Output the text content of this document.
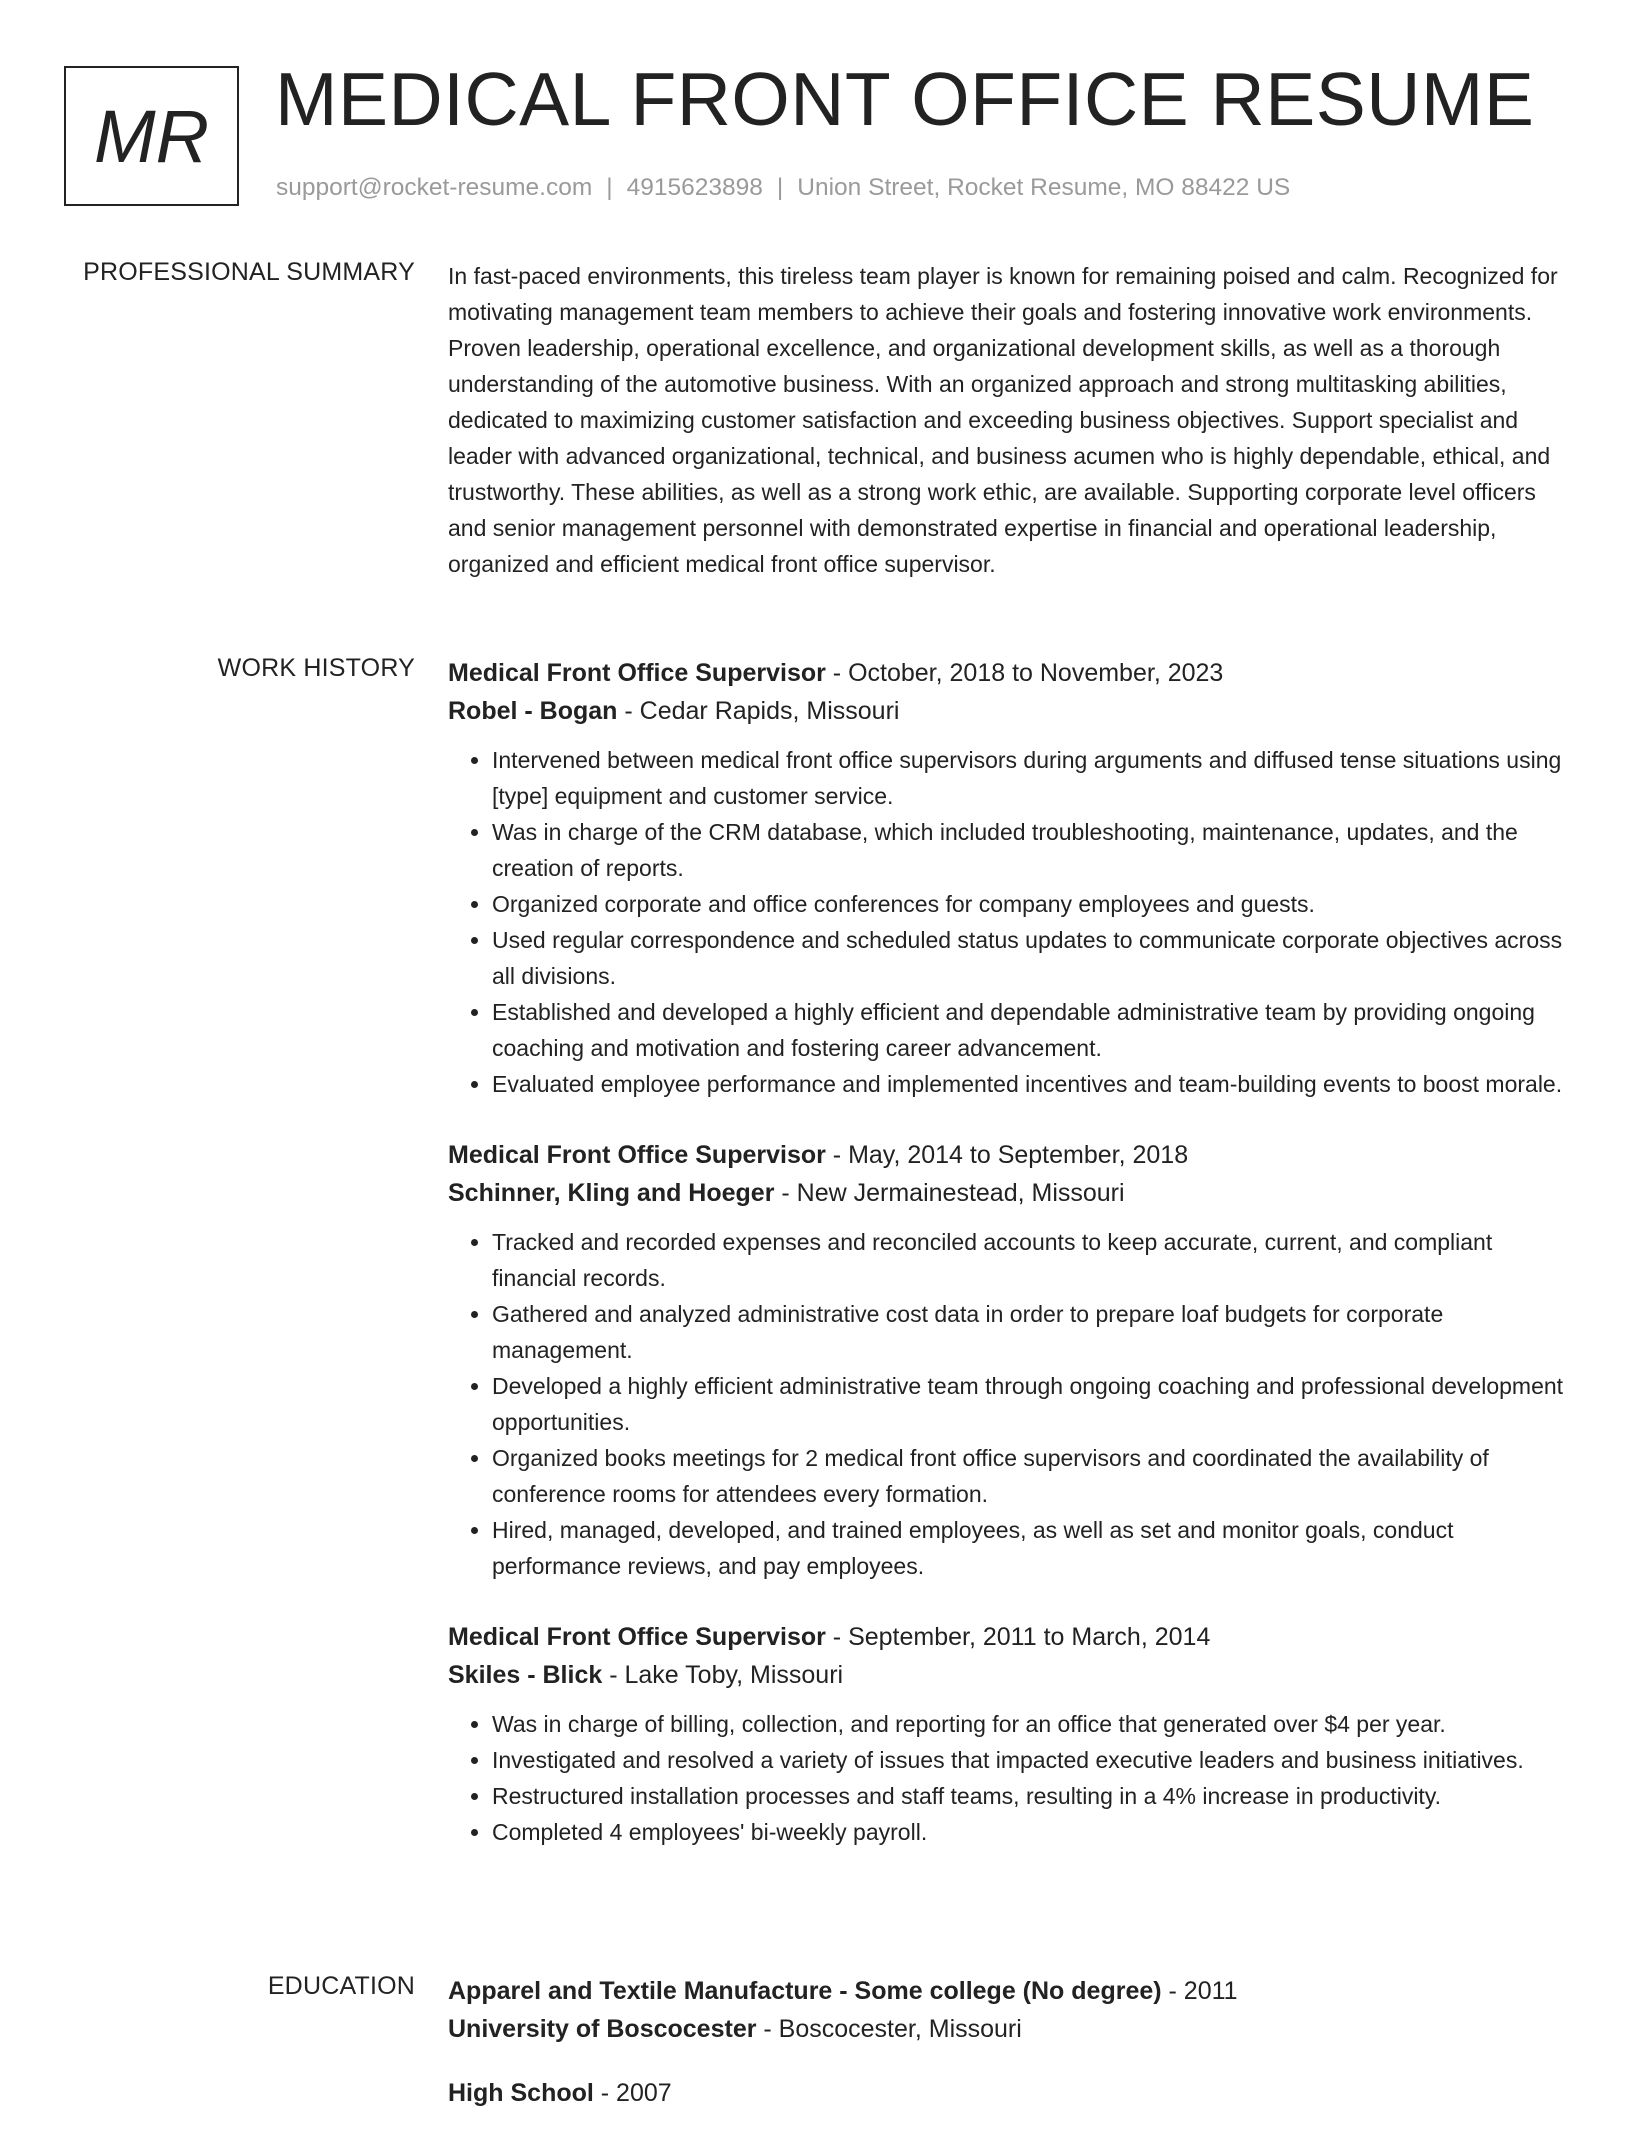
MR MEDICAL FRONT OFFICE RESUME
support@rocket-resume.com | 4915623898 | Union Street, Rocket Resume, MO 88422 US
PROFESSIONAL SUMMARY In fast-paced environments, this tireless team player is known for remaining poised and calm. Recognized for motivating management team members to achieve their goals and fostering innovative work environments. Proven leadership, operational excellence, and organizational development skills, as well as a thorough understanding of the automotive business. With an organized approach and strong multitasking abilities, dedicated to maximizing customer satisfaction and exceeding business objectives. Support specialist and leader with advanced organizational, technical, and business acumen who is highly dependable, ethical, and trustworthy. These abilities, as well as a strong work ethic, are available. Supporting corporate level officers and senior management personnel with demonstrated expertise in financial and operational leadership, organized and efficient medical front office supervisor.

WORK HISTORY Medical Front Office Supervisor - October, 2018 to November, 2023
Robel - Bogan - Cedar Rapids, Missouri
• Intervened between medical front office supervisors during arguments and diffused tense situations using [type] equipment and customer service.
• Was in charge of the CRM database, which included troubleshooting, maintenance, updates, and the creation of reports.
• Organized corporate and office conferences for company employees and guests.
• Used regular correspondence and scheduled status updates to communicate corporate objectives across all divisions.
• Established and developed a highly efficient and dependable administrative team by providing ongoing coaching and motivation and fostering career advancement.
• Evaluated employee performance and implemented incentives and team-building events to boost morale.
Medical Front Office Supervisor - May, 2014 to September, 2018
Schinner, Kling and Hoeger - New Jermainestead, Missouri
• Tracked and recorded expenses and reconciled accounts to keep accurate, current, and compliant financial records.
• Gathered and analyzed administrative cost data in order to prepare loaf budgets for corporate management.
• Developed a highly efficient administrative team through ongoing coaching and professional development opportunities.
• Organized books meetings for 2 medical front office supervisors and coordinated the availability of conference rooms for attendees every formation.
• Hired, managed, developed, and trained employees, as well as set and monitor goals, conduct performance reviews, and pay employees.
Medical Front Office Supervisor - September, 2011 to March, 2014
Skiles - Blick - Lake Toby, Missouri
• Was in charge of billing, collection, and reporting for an office that generated over $4 per year.
• Investigated and resolved a variety of issues that impacted executive leaders and business initiatives.
• Restructured installation processes and staff teams, resulting in a 4% increase in productivity.
• Completed 4 employees' bi-weekly payroll.
EDUCATION Apparel and Textile Manufacture - Some college (No degree) - 2011
University of Boscocester - Boscocester, Missouri
High School - 2007
